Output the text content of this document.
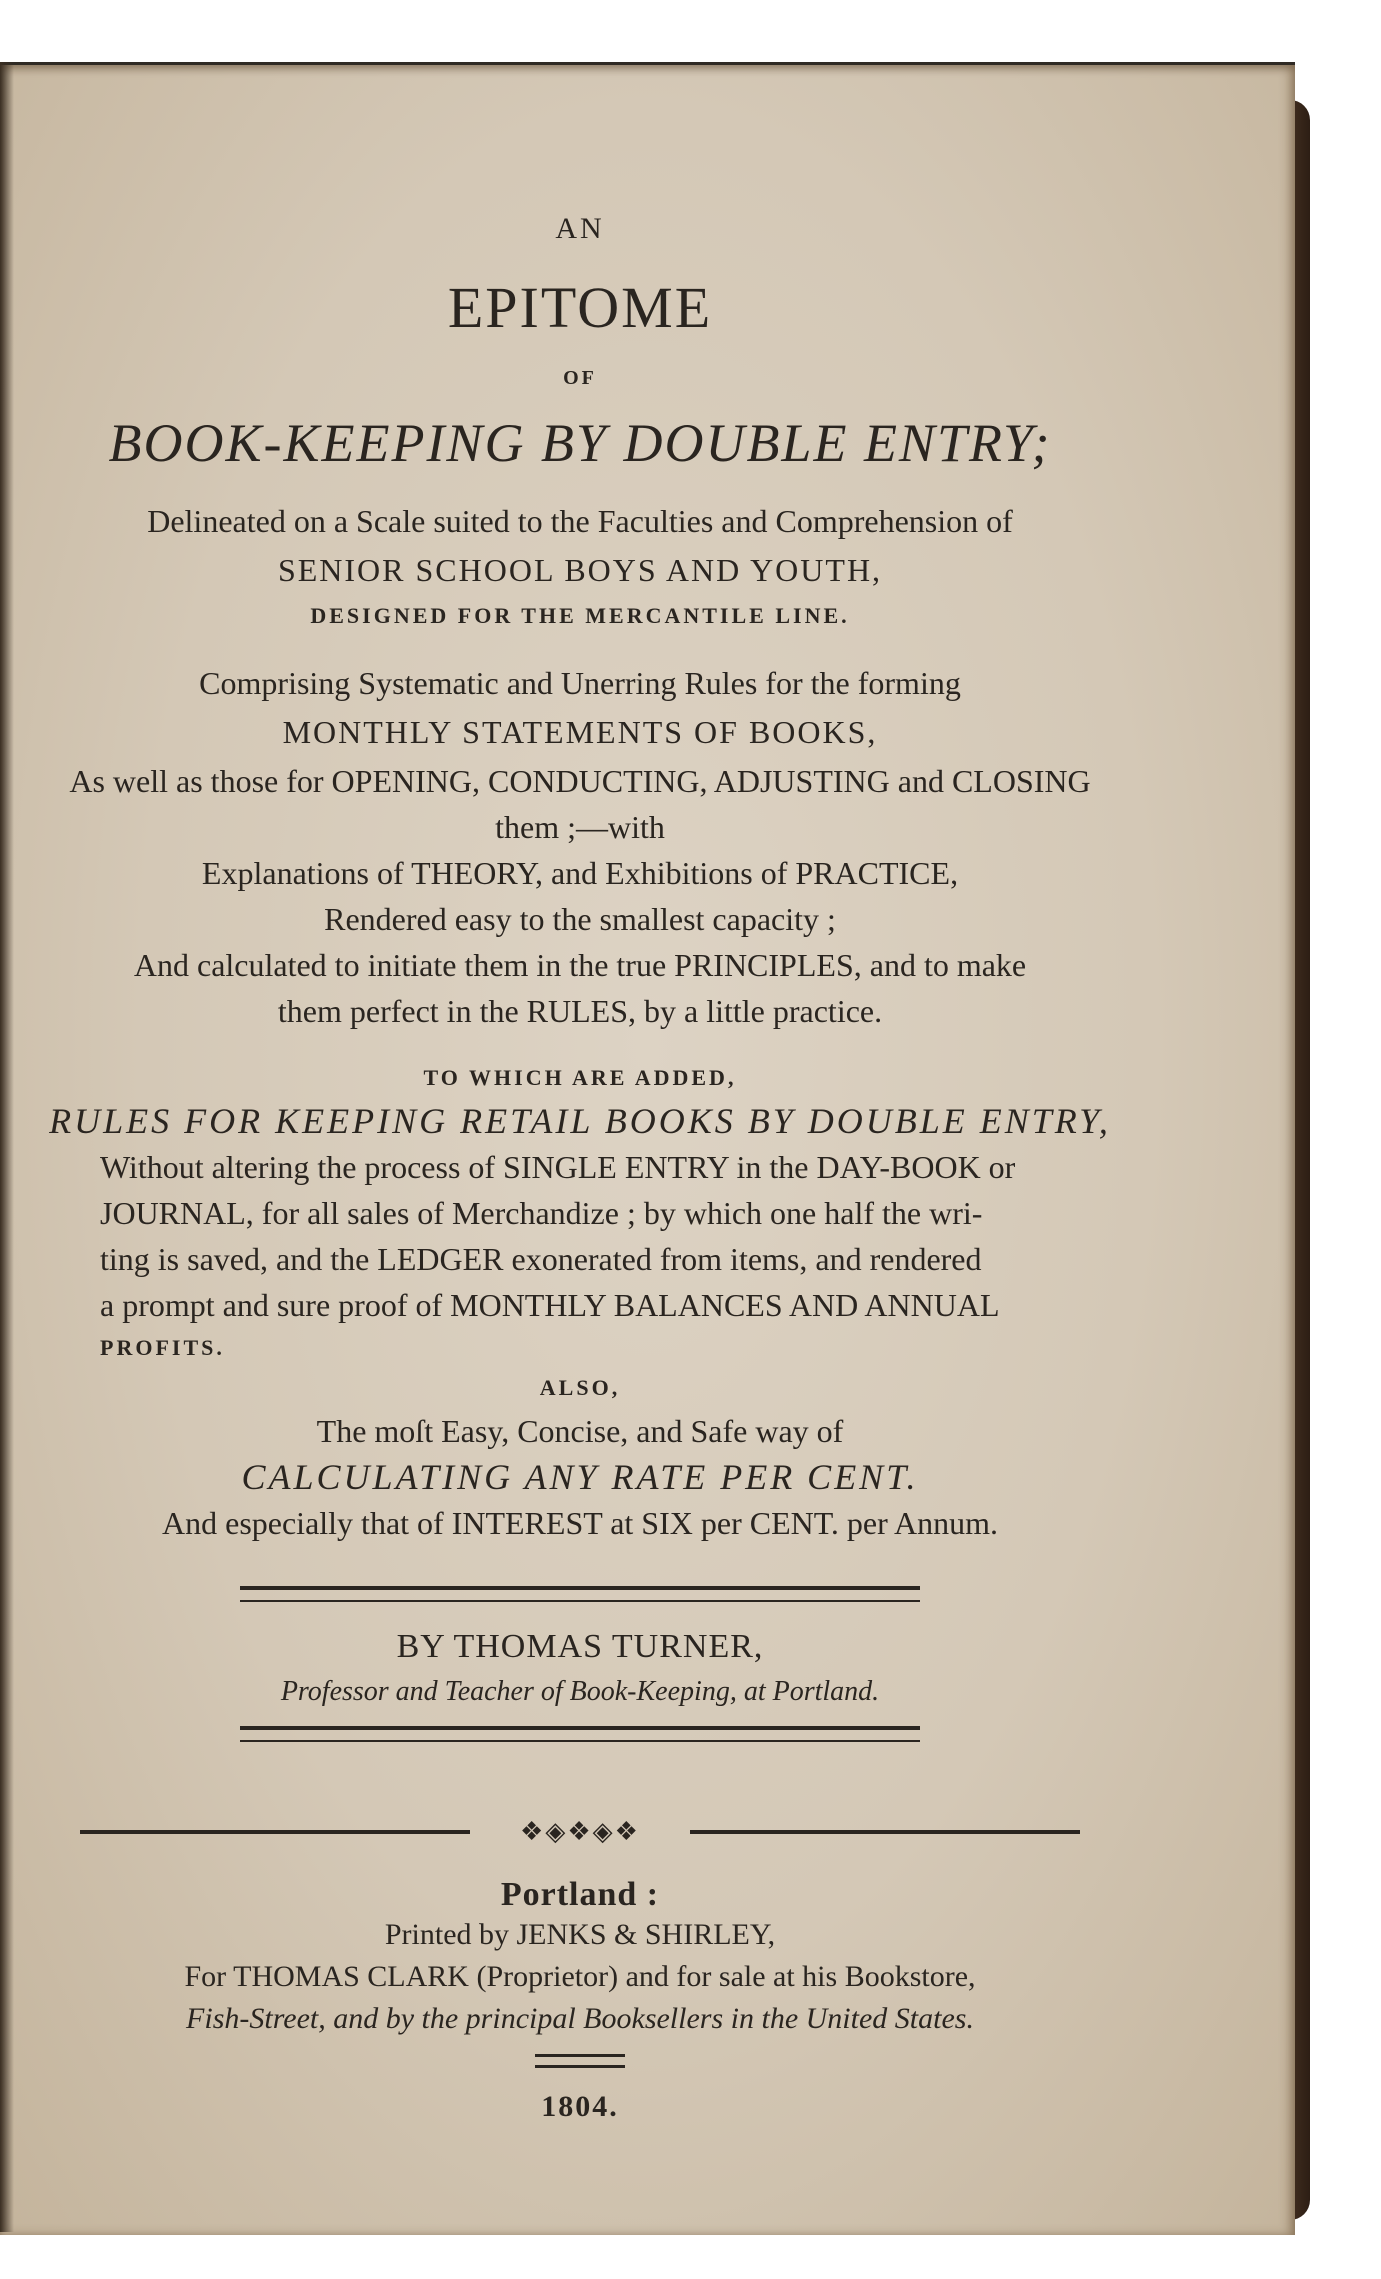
AN
EPITOME
OF
BOOK-KEEPING BY DOUBLE ENTRY;
Delineated on a Scale suited to the Faculties and Comprehension of
SENIOR SCHOOL BOYS AND YOUTH,
DESIGNED FOR THE MERCANTILE LINE.
Comprising Systematic and Unerring Rules for the forming
MONTHLY STATEMENTS OF BOOKS,
As well as those for OPENING, CONDUCTING, ADJUSTING and CLOSING
them ;—with
Explanations of THEORY, and Exhibitions of PRACTICE,
Rendered easy to the smallest capacity ;
And calculated to initiate them in the true PRINCIPLES, and to make
them perfect in the RULES, by a little practice.
TO WHICH ARE ADDED,
RULES FOR KEEPING RETAIL BOOKS BY DOUBLE ENTRY,
Without altering the process of SINGLE ENTRY in the DAY-BOOK or
JOURNAL, for all sales of Merchandize ; by which one half the wri-
ting is saved, and the LEDGER exonerated from items, and rendered
a prompt and sure proof of MONTHLY BALANCES AND ANNUAL
PROFITS.
ALSO,
The moſt Easy, Concise, and Safe way of
CALCULATING ANY RATE PER CENT.
And especially that of INTEREST at SIX per CENT. per Annum.
BY THOMAS TURNER,
Professor and Teacher of Book-Keeping, at Portland.
❖◈❖◈❖
Portland :
Printed by JENKS & SHIRLEY,
For THOMAS CLARK (Proprietor) and for sale at his Bookstore,
Fish-Street, and by the principal Booksellers in the United States.
1804.
